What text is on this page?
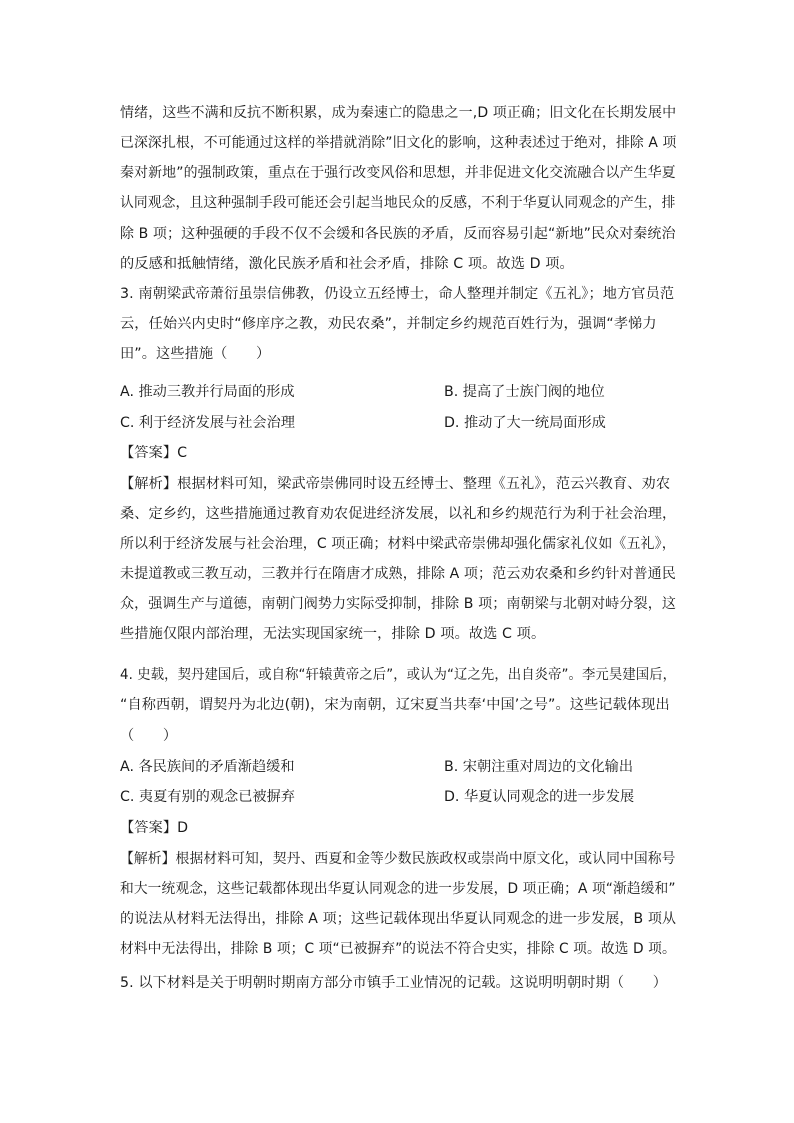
情绪，这些不满和反抗不断积累，成为秦速亡的隐患之一,D 项正确；旧文化在长期发展中
已深深扎根，不可能通过这样的举措就消除”旧文化的影响，这种表述过于绝对，排除 A 项
秦对新地”的强制政策，重点在于强行改变风俗和思想，并非促进文化交流融合以产生华夏
认同观念，且这种强制手段可能还会引起当地民众的反感，不利于华夏认同观念的产生，排
除 B 项；这种强硬的手段不仅不会缓和各民族的矛盾，反而容易引起“新地”民众对秦统治
的反感和抵触情绪，激化民族矛盾和社会矛盾，排除 C 项。故选 D 项。
3. 南朝梁武帝萧衍虽崇信佛教，仍设立五经博士，命人整理并制定《五礼》；地方官员范
云，任始兴内史时“修庠序之教，劝民农桑”，并制定乡约规范百姓行为，强调“孝悌力
田”。这些措施（　　）
A. 推动三教并行局面的形成	B. 提高了士族门阀的地位
C. 利于经济发展与社会治理	D. 推动了大一统局面形成
【答案】C
【解析】根据材料可知，梁武帝崇佛同时设五经博士、整理《五礼》，范云兴教育、劝农
桑、定乡约，这些措施通过教育劝农促进经济发展，以礼和乡约规范行为利于社会治理，
所以利于经济发展与社会治理，C 项正确；材料中梁武帝崇佛却强化儒家礼仪如《五礼》，
未提道教或三教互动，三教并行在隋唐才成熟，排除 A 项；范云劝农桑和乡约针对普通民
众，强调生产与道德，南朝门阀势力实际受抑制，排除 B 项；南朝梁与北朝对峙分裂，这
些措施仅限内部治理，无法实现国家统一，排除 D 项。故选 C 项。
4. 史载，契丹建国后，或自称“轩辕黄帝之后”，或认为“辽之先，出自炎帝”。李元昊建国后，
“自称西朝，谓契丹为北边(朝)，宋为南朝，辽宋夏当共奉‘中国’之号”。这些记载体现出
（　　）
A. 各民族间的矛盾渐趋缓和	B. 宋朝注重对周边的文化输出
C. 夷夏有别的观念已被摒弃	D. 华夏认同观念的进一步发展
【答案】D
【解析】根据材料可知，契丹、西夏和金等少数民族政权或崇尚中原文化，或认同中国称号
和大一统观念，这些记载都体现出华夏认同观念的进一步发展，D 项正确；A 项“渐趋缓和”
的说法从材料无法得出，排除 A 项；这些记载体现出华夏认同观念的进一步发展，B 项从
材料中无法得出，排除 B 项；C 项“已被摒弃”的说法不符合史实，排除 C 项。故选 D 项。
5. 以下材料是关于明朝时期南方部分市镇手工业情况的记载。这说明明朝时期（　　）
